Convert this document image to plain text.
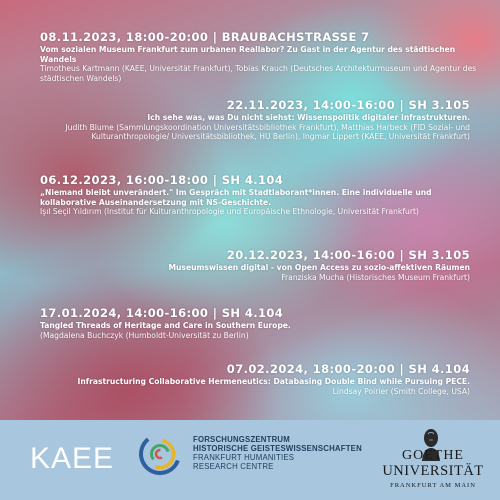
08.11.2023, 18:00-20:00 | BRAUBACHSTRASSE 7
Vom sozialen Museum Frankfurt zum urbanen Reallabor? Zu Gast in der Agentur des städtischen Wandels
Timotheus Kartmann (KAEE, Universität Frankfurt), Tobias Krauch (Deutsches Architekturmuseum und Agentur des städtischen Wandels)
22.11.2023, 14:00-16:00 | SH 3.105
Ich sehe was, was Du nicht siehst: Wissenspolitik digitaler Infrastrukturen.
Judith Blume (Sammlungskoordination Universitätsbibliothek Frankfurt), Matthias Harbeck (FID Sozial- und Kulturanthropologie/ Universitätsbibliothek, HU Berlin), Ingmar Lippert (KAEE, Universität Frankfurt)
06.12.2023, 16:00-18:00 | SH 4.104
„Niemand bleibt unverändert." Im Gespräch mit Stadtlaborant*innen. Eine individuelle und kollaborative Auseinandersetzung mit NS-Geschichte.
Işıl Seçil Yıldırım (Institut für Kulturanthropologie und Europäische Ethnologie, Universität Frankfurt)
20.12.2023, 14:00-16:00 | SH 3.105
Museumswissen digital - von Open Access zu sozio-affektiven Räumen
Franziska Mucha (Historisches Museum Frankfurt)
17.01.2024, 14:00-16:00 | SH 4.104
Tangled Threads of Heritage and Care in Southern Europe.
(Magdalena Buchczyk (Humboldt-Universität zu Berlin)
07.02.2024, 18:00-20:00 | SH 4.104
Infrastructuring Collaborative Hermeneutics: Databasing Double Bind while Pursuing PECE.
Lindsay Poirier (Smith College, USA)
KAEE
FORSCHUNGSZENTRUM
HISTORISCHE GEISTESWISSENSCHAFTEN
FRANKFURT HUMANITIES
RESEARCH CENTRE
GOETHE
UNIVERSITÄT
FRANKFURT AM MAIN
